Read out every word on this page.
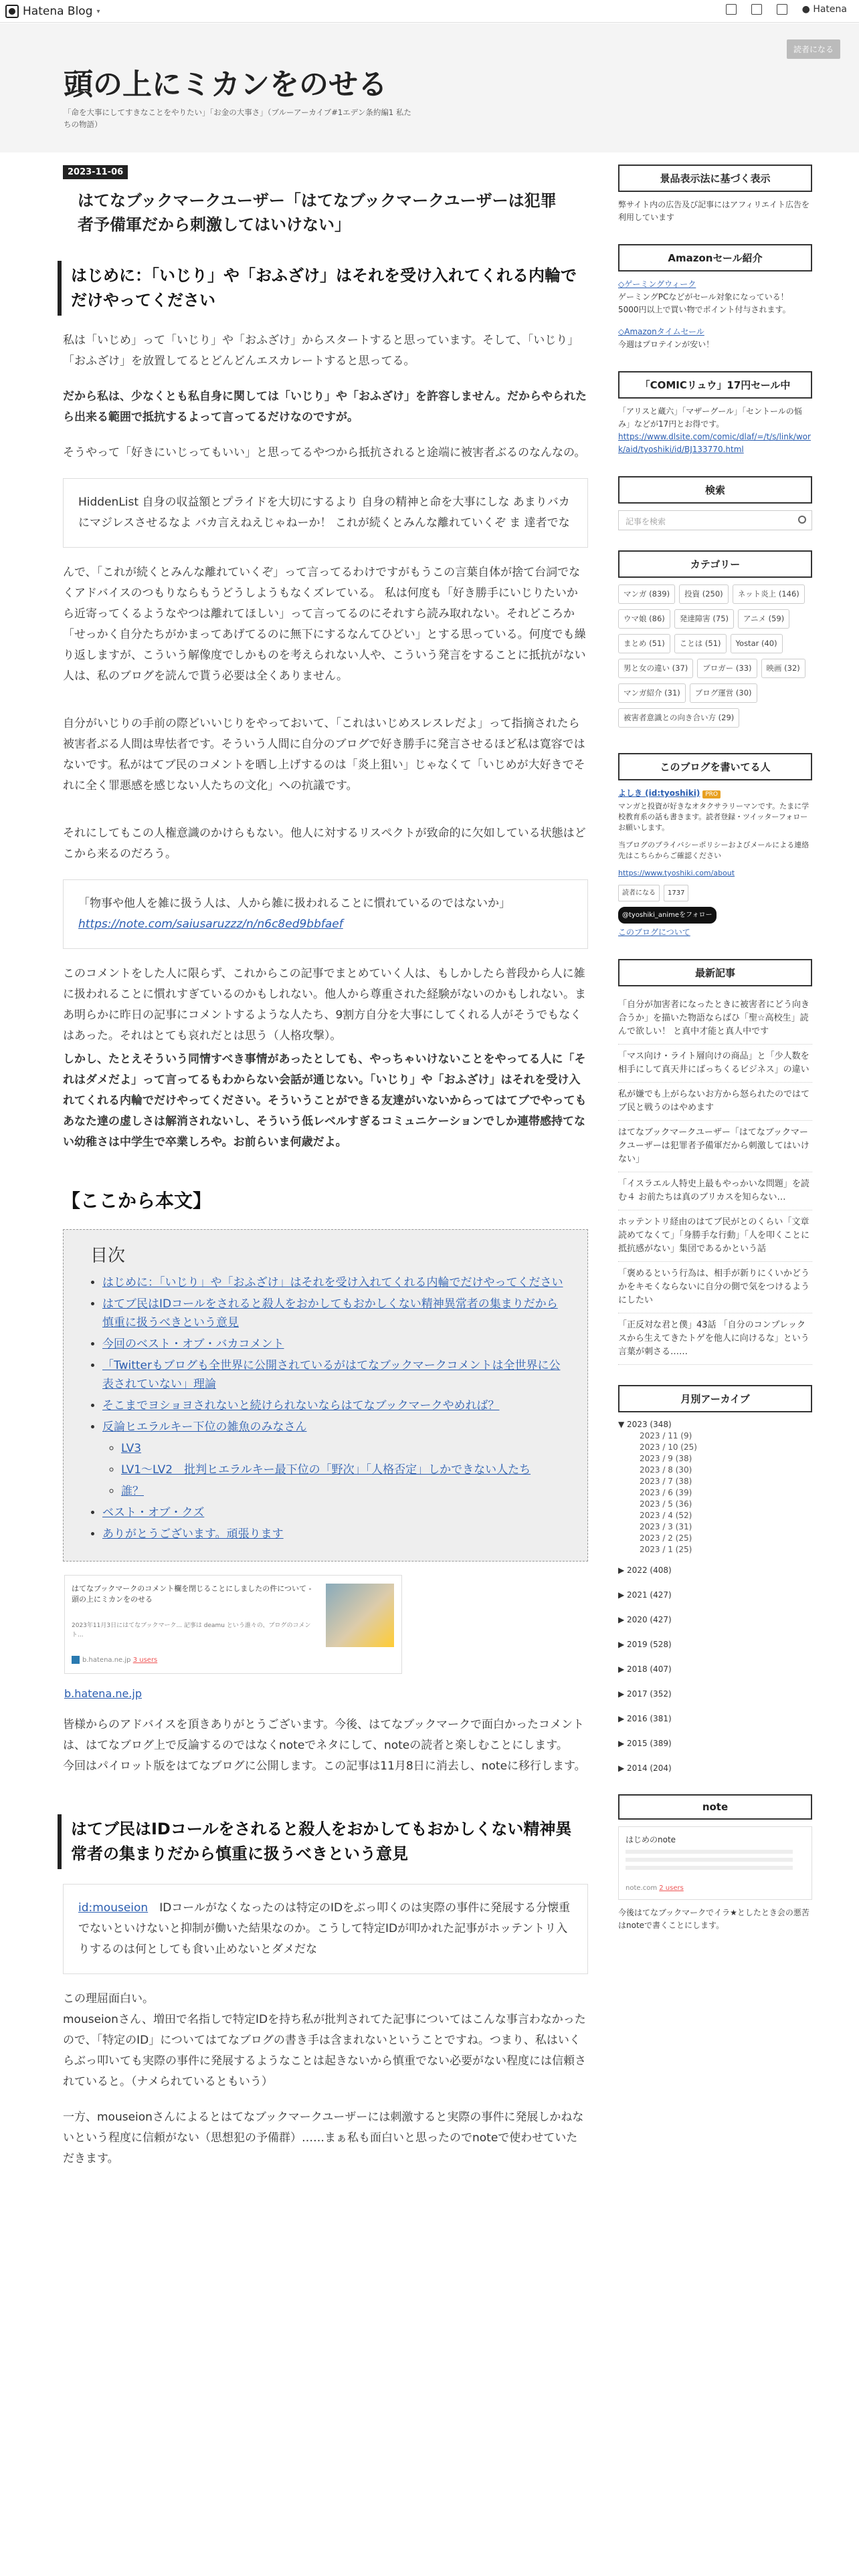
Hatena Blog ▾	● Hatena
頭の上にミカンをのせる
「命を大事にしてすきなことをやりたい」「お金の大事さ」（ブルーアーカイブ#1エデン条約編1 私たちの物語）
読者になる
2023-11-06
はてなブックマークユーザー「はてなブックマークユーザーは犯罪者予備軍だから刺激してはいけない」
はじめに：「いじり」や「おふざけ」はそれを受け入れてくれる内輪でだけやってください
私は「いじめ」って「いじり」や「おふざけ」からスタートすると思っています。そして、「いじり」「おふざけ」を放置してるとどんどんエスカレートすると思ってる。
だから私は、少なくとも私自身に関しては「いじり」や「おふざけ」を許容しません。だからやられたら出来る範囲で抵抗するよって言ってるだけなのですが。
そうやって「好きにいじってもいい」と思ってるやつから抵抗されると途端に被害者ぶるのなんなの。
HiddenList 自身の収益額とプライドを大切にするより 自身の精神と命を大事にしな あまりバカにマジレスさせるなよ バカ言えねえじゃねーか！ これが続くとみんな離れていくぞ ま 達者でな
んで、「これが続くとみんな離れていくぞ」って言ってるわけですがもうこの言葉自体が捨て台詞でなくアドバイスのつもりならもうどうしようもなくズレている。 私は何度も「好き勝手にいじりたいから近寄ってくるようなやつは離れてほしい」って言ってるのにそれすら読み取れない。それどころか「せっかく自分たちがかまってあげてるのに無下にするなんてひどい」とする思っている。何度でも繰り返しますが、こういう解像度でしかものを考えられない人や、こういう発言をすることに抵抗がない人は、私のブログを読んで貰う必要は全くありません。
自分がいじりの手前の際どいいじりをやっておいて、「これはいじめスレスレだよ」って指摘されたら被害者ぶる人間は卑怯者です。そういう人間に自分のブログで好き勝手に発言させるほど私は寛容ではないです。私がはてブ民のコメントを晒し上げするのは「炎上狙い」じゃなくて「いじめが大好きでそれに全く罪悪感を感じない人たちの文化」への抗議です。
それにしてもこの人権意識のかけらもない。他人に対するリスペクトが致命的に欠如している状態はどこから来るのだろう。
「物事や他人を雑に扱う人は、人から雑に扱われることに慣れているのではないか」
https://note.com/saiusaruzzz/n/n6c8ed9bbfaef
このコメントをした人に限らず、これからこの記事でまとめていく人は、もしかしたら普段から人に雑に扱われることに慣れすぎているのかもしれない。他人から尊重された経験がないのかもしれない。まあ明らかに昨日の記事にコメントするような人たち、9割方自分を大事にしてくれる人がそうでもなくはあった。それはとても哀れだとは思う（人格攻撃）。
しかし、たとえそういう同情すべき事情があったとしても、やっちゃいけないことをやってる人に「それはダメだよ」って言ってるもわからない会話が通じない。「いじり」や「おふざけ」はそれを受け入れてくれる内輪でだけやってください。そういうことができる友達がいないからってはてブでやってもあなた達の虚しさは解消されないし、そういう低レベルすぎるコミュニケーションでしか連帯感持てない幼稚さは中学生で卒業しろや。お前らいま何歳だよ。
【ここから本文】
目次
• はじめに：「いじり」や「おふざけ」はそれを受け入れてくれる内輪でだけやってください
• はてブ民はIDコールをされると殺人をおかしてもおかしくない精神異常者の集まりだから慎重に扱うべきという意見
• 今回のベスト・オブ・バカコメント
• 「Twitterもブログも全世界に公開されているがはてなブックマークコメントは全世界に公表されていない」理論
• そこまでヨショヨされないと続けられないならはてなブックマークやめれば？
• 反論ヒエラルキー下位の雑魚のみなさん
◦ LV3
◦ LV1～LV2　批判ヒエラルキー最下位の「野次」「人格否定」しかできない人たち
◦ 誰？
• ベスト・オブ・クズ
• ありがとうございます。頑張ります
はてなブックマークのコメント欄を閉じることにしましたの件について - 頭の上にミカンをのせる
2023年11月3日にはてなブックマーク... 記事は deamu という誰々の、ブログのコメント...
b.hatena.ne.jp 3 users
b.hatena.ne.jp
皆様からのアドバイスを頂きありがとうございます。今後、はてなブックマークで面白かったコメントは、はてなブログ上で反論するのではなくnoteでネタにして、noteの読者と楽しむことにします。
今回はパイロット版をはてなブログに公開します。この記事は11月8日に消去し、noteに移行します。
はてブ民はIDコールをされると殺人をおかしてもおかしくない精神異常者の集まりだから慎重に扱うべきという意見
id:mouseion　 IDコールがなくなったのは特定のIDをぶっ叩くのは実際の事件に発展する分懐重でないといけないと抑制が働いた結果なのか。こうして特定IDが叩かれた記事がホッテントリ入りするのは何としても食い止めないとダメだな
この理屈面白い。
mouseionさん、増田で名指しで特定IDを持ち私が批判されてた記事についてはこんな事言わなかったので、「特定のID」についてはてなブログの書き手は含まれないということですね。つまり、私はいくらぶっ叩いても実際の事件に発展するようなことは起きないから慎重でない必要がない程度には信頼されていると。（ナメられているともいう）
一方、mouseionさんによるとはてなブックマークユーザーには刺激すると実際の事件に発展しかねないという程度に信頼がない（思想犯の予備群）……まぁ私も面白いと思ったのでnoteで使わせていただきます。
景品表示法に基づく表示
弊サイト内の広告及び記事にはアフィリエイト広告を利用しています
Amazonセール紹介
◇ゲーミングウィーク
ゲーミングPCなどがセール対象になっている！
5000円以上で買い物でポイント付与されます。
◇Amazonタイムセール
今週はプロテインが安い！
「COMICリュウ」17円セール中
「アリスと蔵六」「マザーグール」「セントールの悩み」などが17円とお得です。
https://www.dlsite.com/comic/dlaf/=/t/s/link/work/aid/tyoshiki/id/BJ133770.html
検索
記事を検索
カテゴリー
マンガ (839) 投資 (250) ネット炎上 (146)ウマ娘 (86) 発達障害 (75) アニメ (59)まとめ (51) ことは (51) Yostar (40)男と女の違い (37) ブロガー (33) 映画 (32)マンガ紹介 (31) ブログ運営 (30)被害者意識との向き合い方 (29)
このブログを書いてる人
よしき (id:tyoshiki) PRO
マンガと投資が好きなオタクサラリーマンです。たまに学校教育系の話も書きます。読者登録・ツイッターフォローお願いします。
当ブログのプライバシーポリシーおよびメールによる連絡先はこちらからご確認ください
https://www.tyoshiki.com/about
読者になる	1737
@tyoshiki_animeをフォロー
このブログについて
最新記事
「自分が加害者になったときに被害者にどう向き合うか」を描いた物語ならばひ「聖☆高校生」読んで欲しい！ と真中才能と真人中です
「マス向け・ライト層向けの商品」と「少人数を相手にして真天井にばっちくるビジネス」の違い
私が嫌でも上がらないお方から怒られたのではてブ民と戦うのはやめます
はてなブックマークユーザー「はてなブックマークユーザーは犯罪者予備軍だから刺激してはいけない」
「イスラエル人特史上最もやっかいな問題」を読む４ お前たちは真のブリカスを知らない…
ホッテントリ経由のはてブ民がとのくらい「文章読めてなくて」「身勝手な行動」「人を叩くことに抵抗感がない」集団であるかという話
「褒めるという行為は、相手が新りにくいかどうかをキモくならないに自分の側で気をつけるようにしたい
「正反対な君と僕」43話 「自分のコンプレックスから生えてきたトゲを他人に向けるな」という言葉が刺さる……
月別アーカイブ
▼ 2023 (348)
2023 / 11 (9)
2023 / 10 (25)
2023 / 9 (38)
2023 / 8 (30)
2023 / 7 (38)
2023 / 6 (39)
2023 / 5 (36)
2023 / 4 (52)
2023 / 3 (31)
2023 / 2 (25)
2023 / 1 (25)
▶ 2022 (408)
▶ 2021 (427)
▶ 2020 (427)
▶ 2019 (528)
▶ 2018 (407)
▶ 2017 (352)
▶ 2016 (381)
▶ 2015 (389)
▶ 2014 (204)
note
はじめのnote
note.com 2 users
今後はてなブックマークでイラ★としたとき会の悪苦はnoteで書くことにします。
